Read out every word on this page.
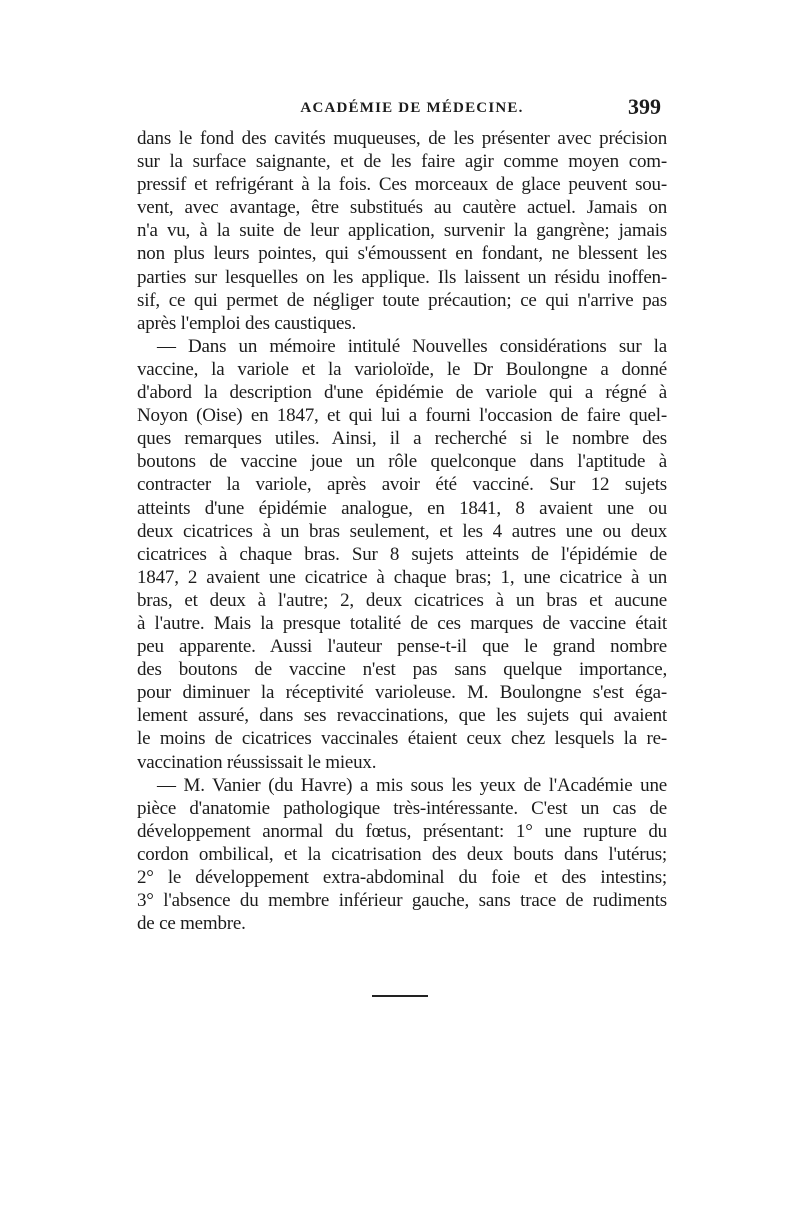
ACADÉMIE DE MÉDECINE.	399
dans le fond des cavités muqueuses, de les présenter avec précision
sur la surface saignante, et de les faire agir comme moyen com-
pressif et refrigérant à la fois. Ces morceaux de glace peuvent sou-
vent, avec avantage, être substitués au cautère actuel. Jamais on
n'a vu, à la suite de leur application, survenir la gangrène; jamais
non plus leurs pointes, qui s'émoussent en fondant, ne blessent les
parties sur lesquelles on les applique. Ils laissent un résidu inoffen-
sif, ce qui permet de négliger toute précaution; ce qui n'arrive pas
après l'emploi des caustiques.
— Dans un mémoire intitulé Nouvelles considérations sur la
vaccine, la variole et la varioloïde, le Dr Boulongne a donné
d'abord la description d'une épidémie de variole qui a régné à
Noyon (Oise) en 1847, et qui lui a fourni l'occasion de faire quel-
ques remarques utiles. Ainsi, il a recherché si le nombre des
boutons de vaccine joue un rôle quelconque dans l'aptitude à
contracter la variole, après avoir été vacciné. Sur 12 sujets
atteints d'une épidémie analogue, en 1841, 8 avaient une ou
deux cicatrices à un bras seulement, et les 4 autres une ou deux
cicatrices à chaque bras. Sur 8 sujets atteints de l'épidémie de
1847, 2 avaient une cicatrice à chaque bras; 1, une cicatrice à un
bras, et deux à l'autre; 2, deux cicatrices à un bras et aucune
à l'autre. Mais la presque totalité de ces marques de vaccine était
peu apparente. Aussi l'auteur pense-t-il que le grand nombre
des boutons de vaccine n'est pas sans quelque importance,
pour diminuer la réceptivité varioleuse. M. Boulongne s'est éga-
lement assuré, dans ses revaccinations, que les sujets qui avaient
le moins de cicatrices vaccinales étaient ceux chez lesquels la re-
vaccination réussissait le mieux.
— M. Vanier (du Havre) a mis sous les yeux de l'Académie une
pièce d'anatomie pathologique très-intéressante. C'est un cas de
développement anormal du fœtus, présentant: 1° une rupture du
cordon ombilical, et la cicatrisation des deux bouts dans l'utérus;
2° le développement extra-abdominal du foie et des intestins;
3° l'absence du membre inférieur gauche, sans trace de rudiments
de ce membre.
